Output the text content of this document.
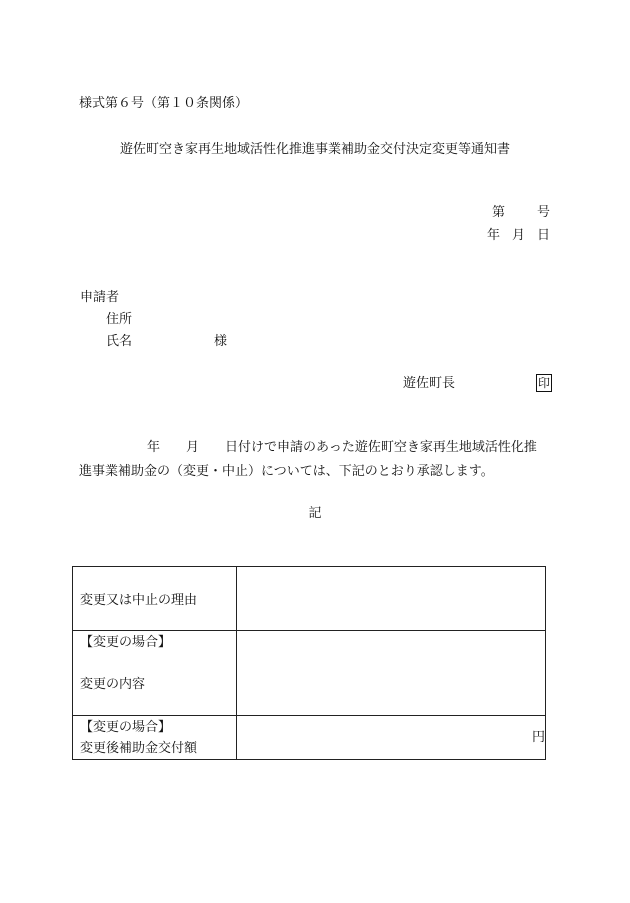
様式第６号（第１０条関係）
遊佐町空き家再生地域活性化推進事業補助金交付決定変更等通知書
第 号
年 月 日
申請者
住所
氏名	様
遊佐町長	印
年 月 日付けで申請のあった遊佐町空き家再生地域活性化推
進事業補助金の（変更・中止）については、下記のとおり承認します。
記
変更又は中止の理由	

【変更の場合】
変更の内容	

【変更の場合】
変更後補助金交付額	円
